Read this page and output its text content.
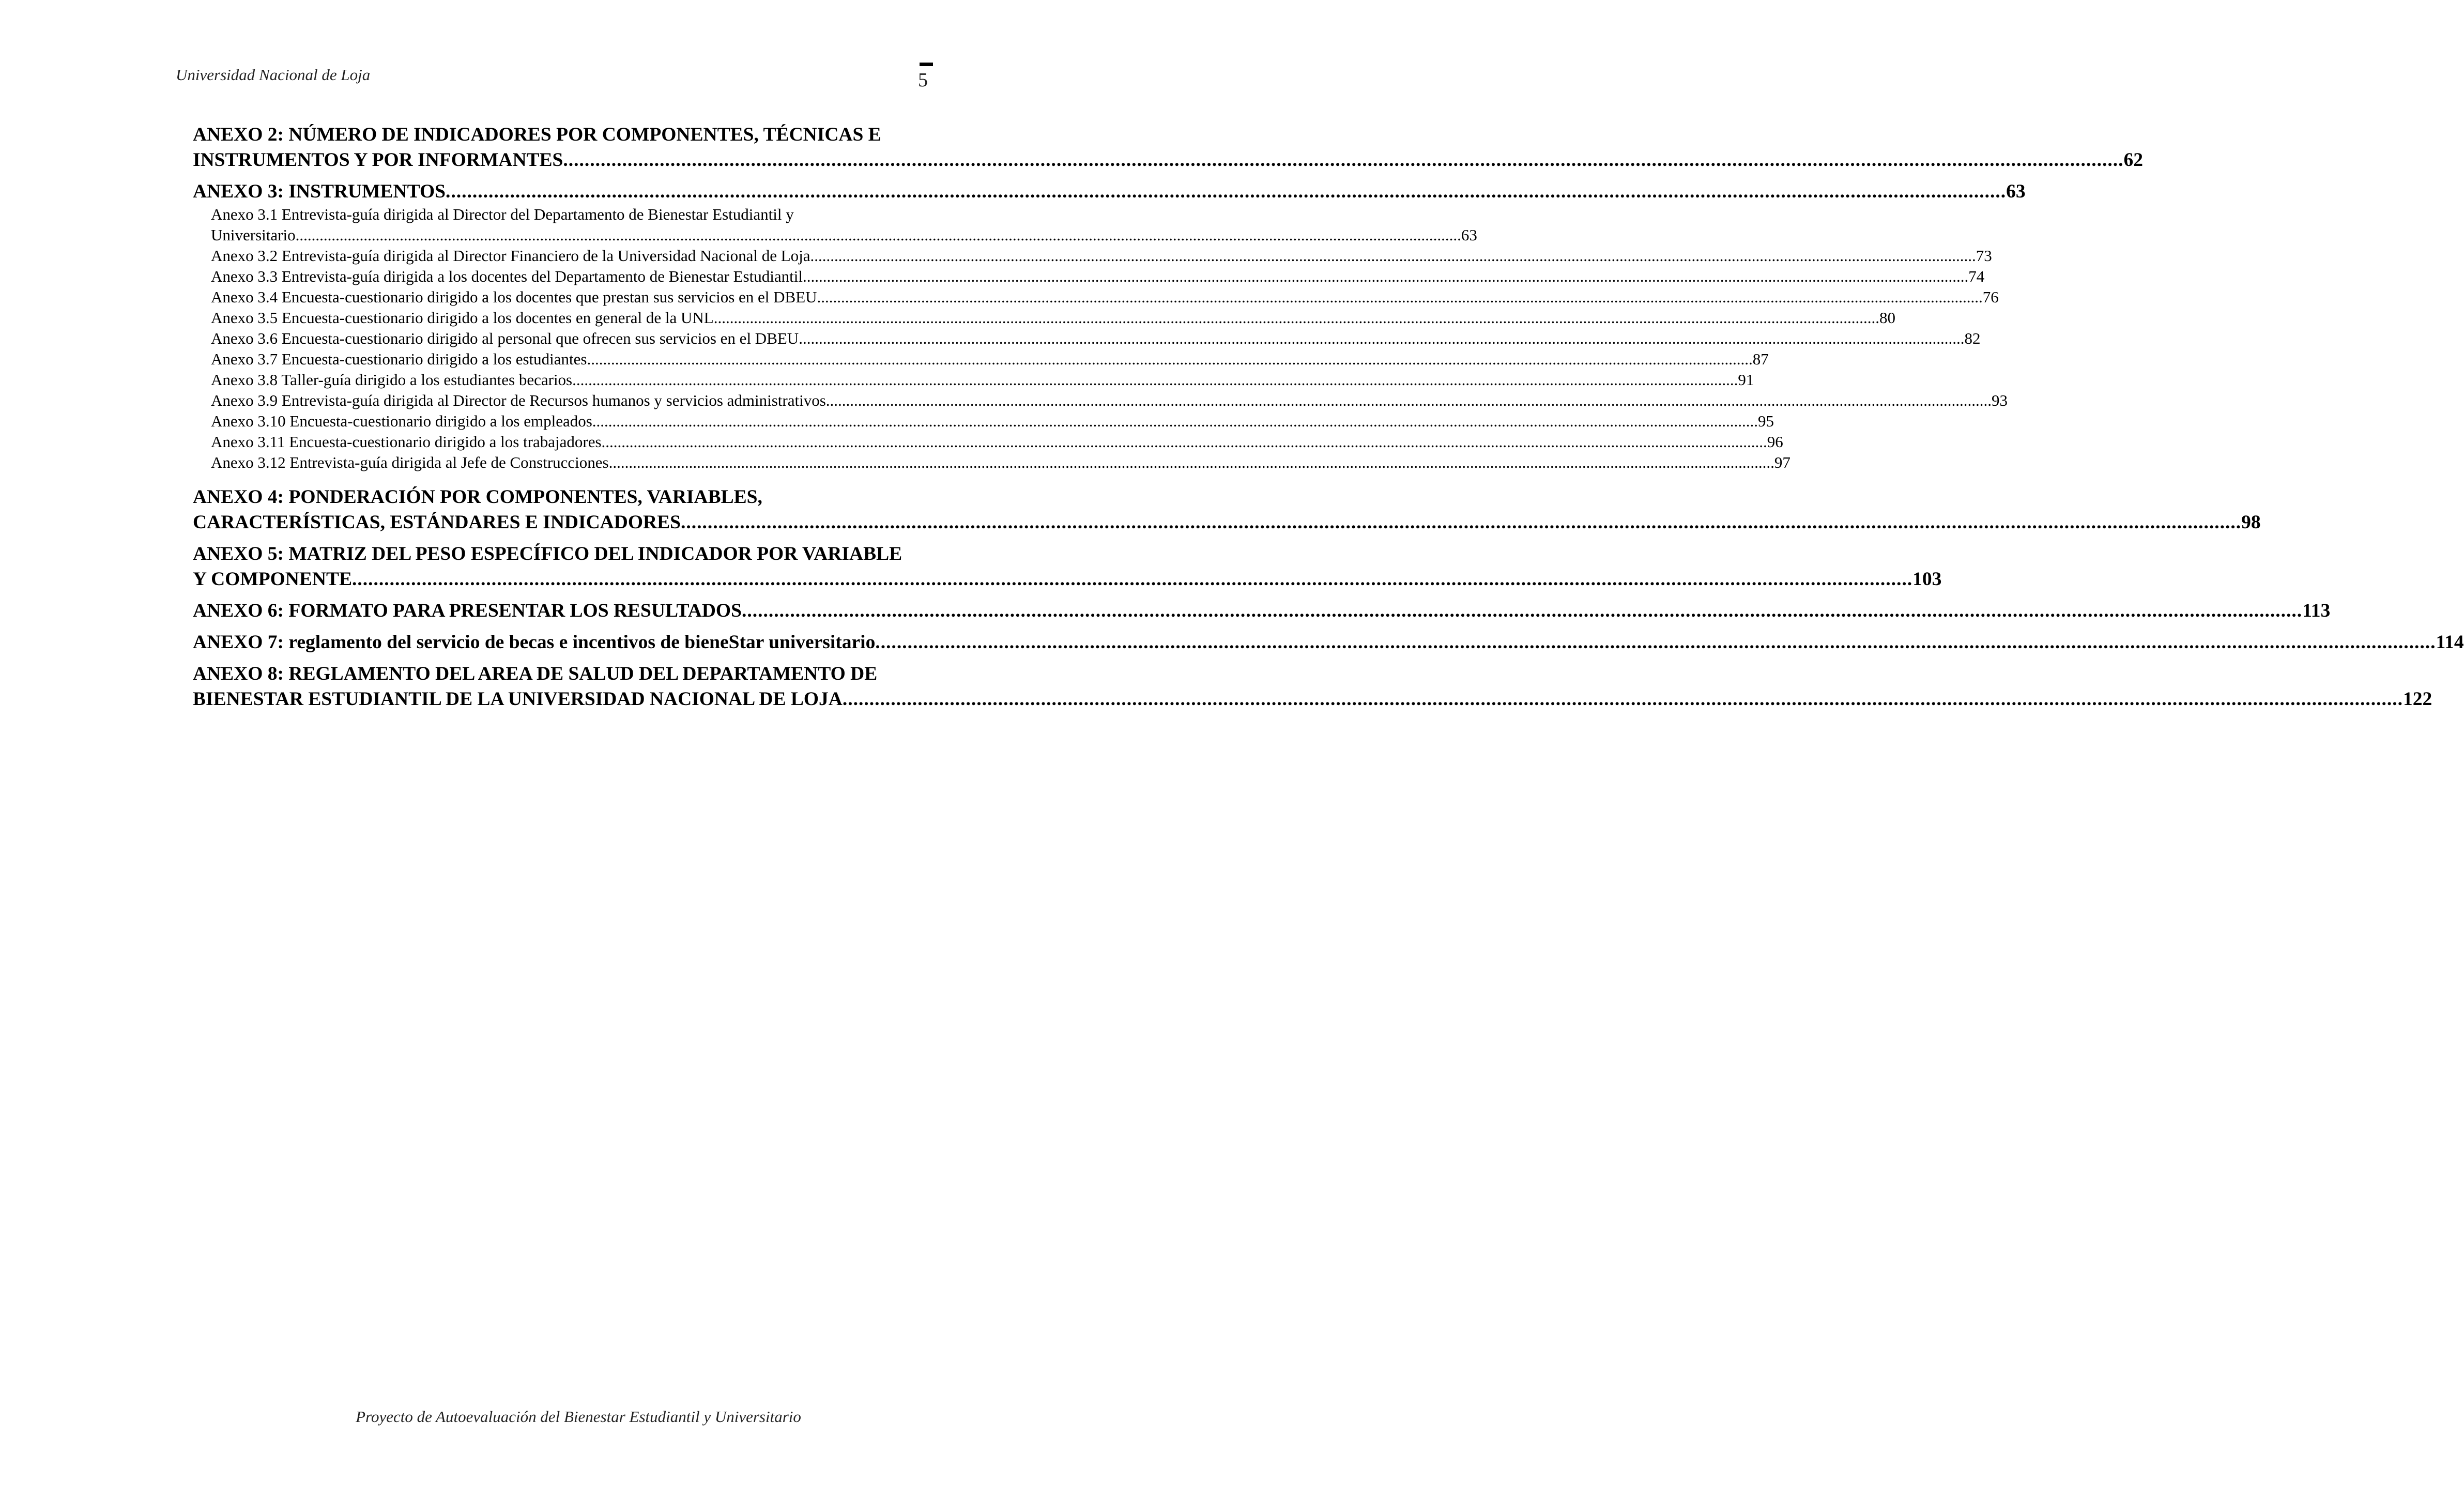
Universidad Nacional de Loja	5
ANEXO 2: NÚMERO DE INDICADORES POR COMPONENTES, TÉCNICAS E
INSTRUMENTOS Y POR INFORMANTES .....	62
ANEXO 3: INSTRUMENTOS .....	63
Anexo 3.1 Entrevista-guía dirigida al Director del Departamento de Bienestar Estudiantil y
Universitario .....	63
Anexo 3.2 Entrevista-guía dirigida al Director Financiero de la Universidad Nacional de Loja .....	73
Anexo 3.3 Entrevista-guía dirigida a los docentes del Departamento de Bienestar Estudiantil .....	74
Anexo 3.4 Encuesta-cuestionario dirigido a los docentes que prestan sus servicios en el DBEU .....	76
Anexo 3.5 Encuesta-cuestionario dirigido a los docentes en general de la UNL .....	80
Anexo 3.6 Encuesta-cuestionario dirigido al personal que ofrecen sus servicios en el DBEU .....	82
Anexo 3.7 Encuesta-cuestionario dirigido a los estudiantes .....	87
Anexo 3.8 Taller-guía dirigido a los estudiantes becarios .....	91
Anexo 3.9 Entrevista-guía dirigida al Director de Recursos humanos y servicios administrativos .....	93
Anexo 3.10 Encuesta-cuestionario dirigido a los empleados .....	95
Anexo 3.11 Encuesta-cuestionario dirigido a los trabajadores .....	96
Anexo 3.12 Entrevista-guía dirigida al Jefe de Construcciones .....	97
ANEXO 4: PONDERACIÓN POR COMPONENTES, VARIABLES,
CARACTERÍSTICAS, ESTÁNDARES E INDICADORES .....	98
ANEXO 5: MATRIZ DEL PESO ESPECÍFICO DEL INDICADOR POR VARIABLE
Y COMPONENTE .....	103
ANEXO 6: FORMATO PARA PRESENTAR LOS RESULTADOS .....	113
ANEXO 7: reglamento del servicio de becas e incentivos de bieneStar universitario .....	114
ANEXO 8: REGLAMENTO DEL AREA DE SALUD DEL DEPARTAMENTO DE
BIENESTAR ESTUDIANTIL DE LA UNIVERSIDAD NACIONAL DE LOJA .....	122
Proyecto de Autoevaluación del Bienestar Estudiantil y Universitario
